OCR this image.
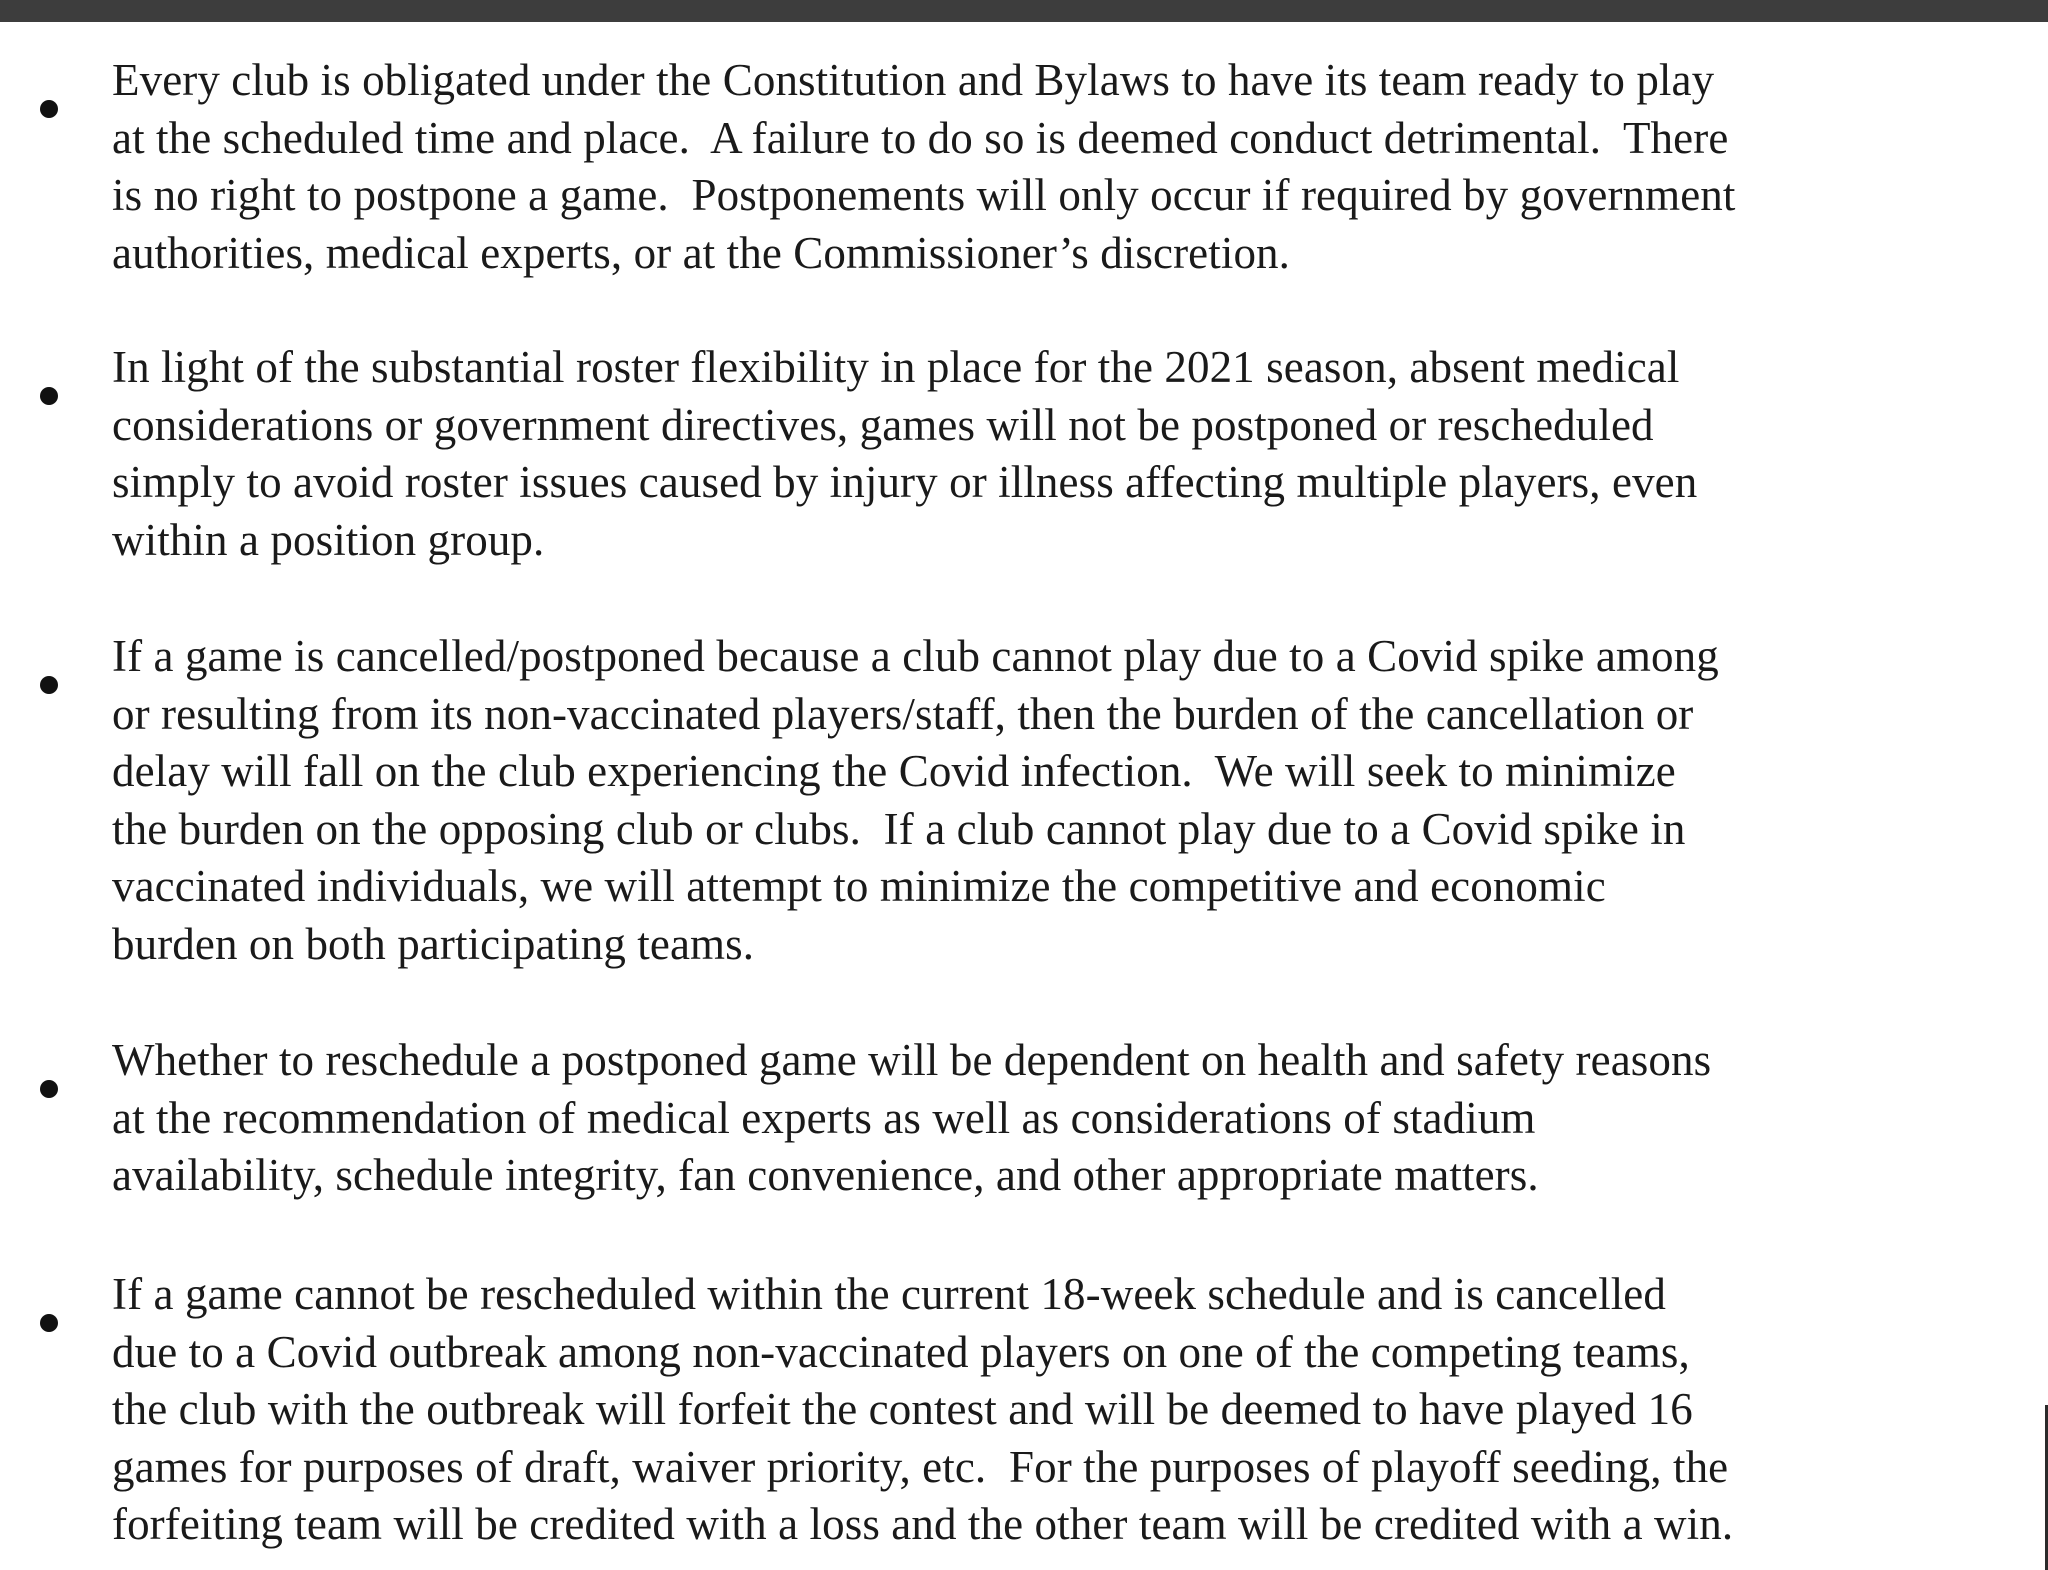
Every club is obligated under the Constitution and Bylaws to have its team ready to play
at the scheduled time and place.  A failure to do so is deemed conduct detrimental.  There
is no right to postpone a game.  Postponements will only occur if required by government
authorities, medical experts, or at the Commissioner’s discretion.

In light of the substantial roster flexibility in place for the 2021 season, absent medical
considerations or government directives, games will not be postponed or rescheduled
simply to avoid roster issues caused by injury or illness affecting multiple players, even
within a position group.

If a game is cancelled/postponed because a club cannot play due to a Covid spike among
or resulting from its non-vaccinated players/staff, then the burden of the cancellation or
delay will fall on the club experiencing the Covid infection.  We will seek to minimize
the burden on the opposing club or clubs.  If a club cannot play due to a Covid spike in
vaccinated individuals, we will attempt to minimize the competitive and economic
burden on both participating teams.

Whether to reschedule a postponed game will be dependent on health and safety reasons
at the recommendation of medical experts as well as considerations of stadium
availability, schedule integrity, fan convenience, and other appropriate matters.

If a game cannot be rescheduled within the current 18-week schedule and is cancelled
due to a Covid outbreak among non-vaccinated players on one of the competing teams,
the club with the outbreak will forfeit the contest and will be deemed to have played 16
games for purposes of draft, waiver priority, etc.  For the purposes of playoff seeding, the
forfeiting team will be credited with a loss and the other team will be credited with a win.
